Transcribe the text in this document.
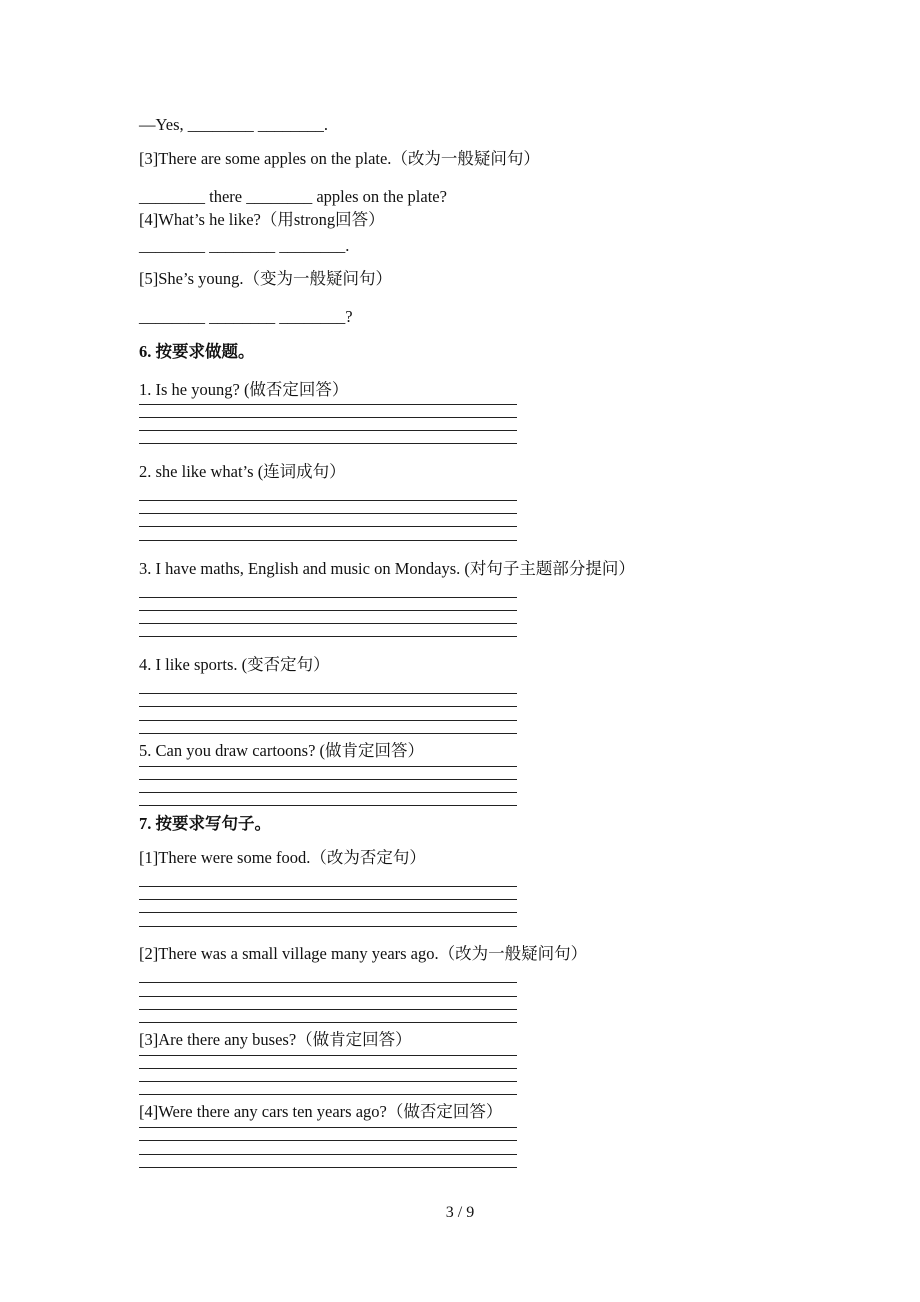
—Yes, ________ ________.
[3]There are some apples on the plate.（改为一般疑问句）
________ there ________ apples on the plate?
[4]What’s he like?（用strong回答）
________ ________ ________.
[5]She’s young.（变为一般疑问句）
________ ________ ________?
6. 按要求做题。
1. Is he young? (做否定回答）
2. she like what’s (连词成句）
3. I have maths, English and music on Mondays. (对句子主题部分提问）
4. I like sports. (变否定句）
5. Can you draw cartoons? (做肯定回答）
7. 按要求写句子。
[1]There were some food.（改为否定句）
[2]There was a small village many years ago.（改为一般疑问句）
[3]Are there any buses?（做肯定回答）
[4]Were there any cars ten years ago?（做否定回答）
3 / 9
